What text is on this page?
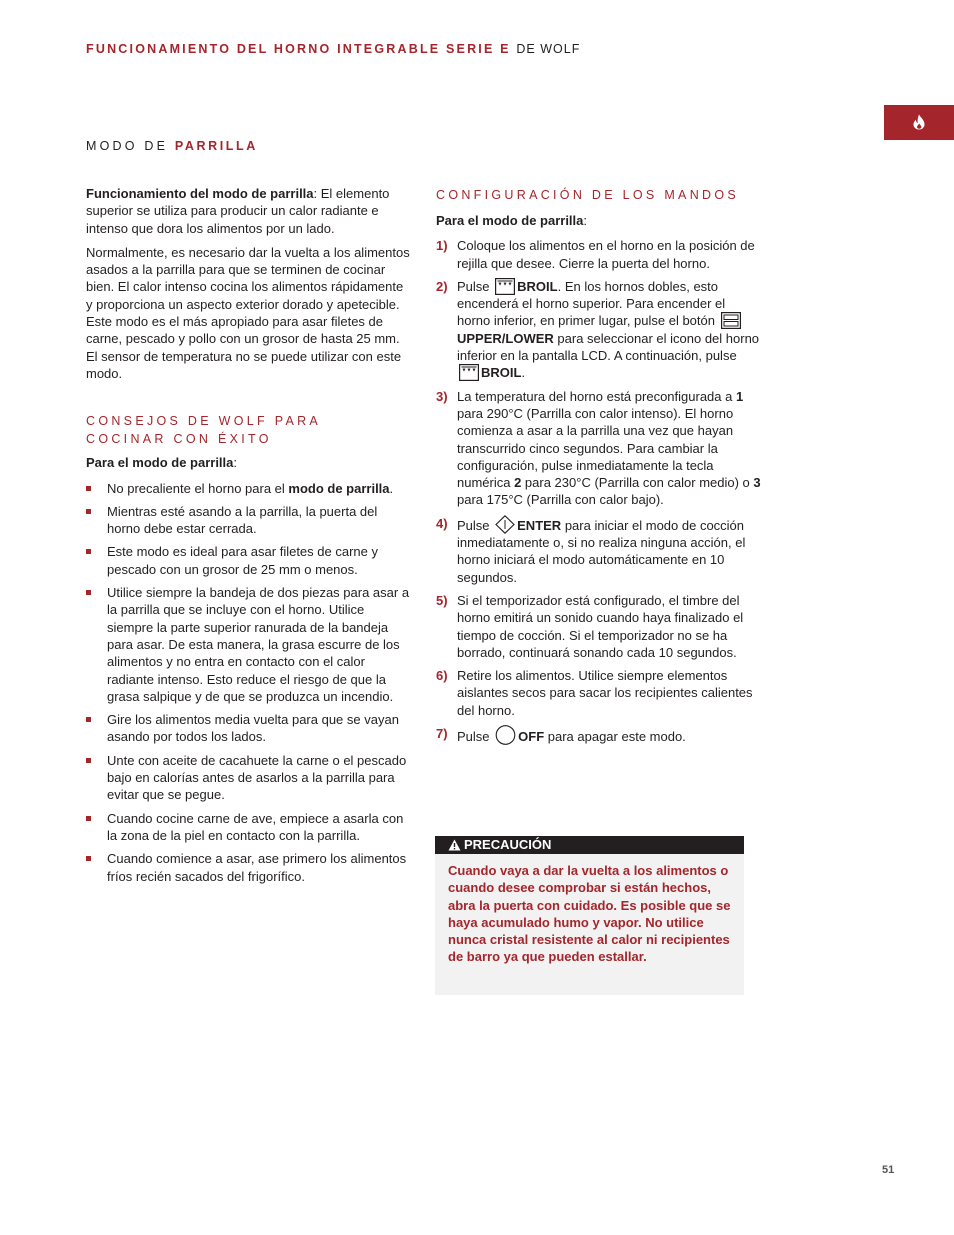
FUNCIONAMIENTO DEL HORNO INTEGRABLE SERIE E DE WOLF
MODO DE PARRILLA

Funcionamiento del modo de parrilla: El elemento superior se utiliza para producir un calor radiante e intenso que dora los alimentos por un lado.

Normalmente, es necesario dar la vuelta a los alimentos asados a la parrilla para que se terminen de cocinar bien. El calor intenso cocina los alimentos rápidamente y proporciona un aspecto exterior dorado y apetecible. Este modo es el más apropiado para asar filetes de carne, pescado y pollo con un grosor de hasta 25 mm. El sensor de temperatura no se puede utilizar con este modo.

CONSEJOS DE WOLF PARA
COCINAR CON ÉXITO
Para el modo de parrilla:
No precaliente el horno para el modo de parrilla.
Mientras esté asando a la parrilla, la puerta del horno debe estar cerrada.
Este modo es ideal para asar filetes de carne y pescado con un grosor de 25 mm o menos.
Utilice siempre la bandeja de dos piezas para asar a la parrilla que se incluye con el horno. Utilice siempre la parte superior ranurada de la bandeja para asar. De esta manera, la grasa escurre de los alimentos y no entra en contacto con el calor radiante intenso. Esto reduce el riesgo de que la grasa salpique y de que se produzca un incendio.
Gire los alimentos media vuelta para que se vayan asando por todos los lados.
Unte con aceite de cacahuete la carne o el pescado bajo en calorías antes de asarlos a la parrilla para evitar que se pegue.
Cuando cocine carne de ave, empiece a asarla con la zona de la piel en contacto con la parrilla.
Cuando comience a asar, ase primero los alimentos fríos recién sacados del frigorífico.
CONFIGURACIÓN DE LOS MANDOS
Para el modo de parrilla:
1) Coloque los alimentos en el horno en la posición de rejilla que desee. Cierre la puerta del horno.
2) Pulse BROIL. En los hornos dobles, esto encenderá el horno superior. Para encender el horno inferior, en primer lugar, pulse el botón UPPER/LOWER para seleccionar el icono del horno inferior en la pantalla LCD. A continuación, pulse BROIL.
3) La temperatura del horno está preconfigurada a 1 para 290°C (Parrilla con calor intenso). El horno comienza a asar a la parrilla una vez que hayan transcurrido cinco segundos. Para cambiar la configuración, pulse inmediatamente la tecla numérica 2 para 230°C (Parrilla con calor medio) o 3 para 175°C (Parrilla con calor bajo).
4) Pulse ENTER para iniciar el modo de cocción inmediatamente o, si no realiza ninguna acción, el horno iniciará el modo automáticamente en 10 segundos.
5) Si el temporizador está configurado, el timbre del horno emitirá un sonido cuando haya finalizado el tiempo de cocción. Si el temporizador no se ha borrado, continuará sonando cada 10 segundos.
6) Retire los alimentos. Utilice siempre elementos aislantes secos para sacar los recipientes calientes del horno.
7) Pulse OFF para apagar este modo.
PRECAUCIÓN
Cuando vaya a dar la vuelta a los alimentos o cuando desee comprobar si están hechos, abra la puerta con cuidado. Es posible que se haya acumulado humo y vapor. No utilice nunca cristal resistente al calor ni recipientes de barro ya que pueden estallar.
51
